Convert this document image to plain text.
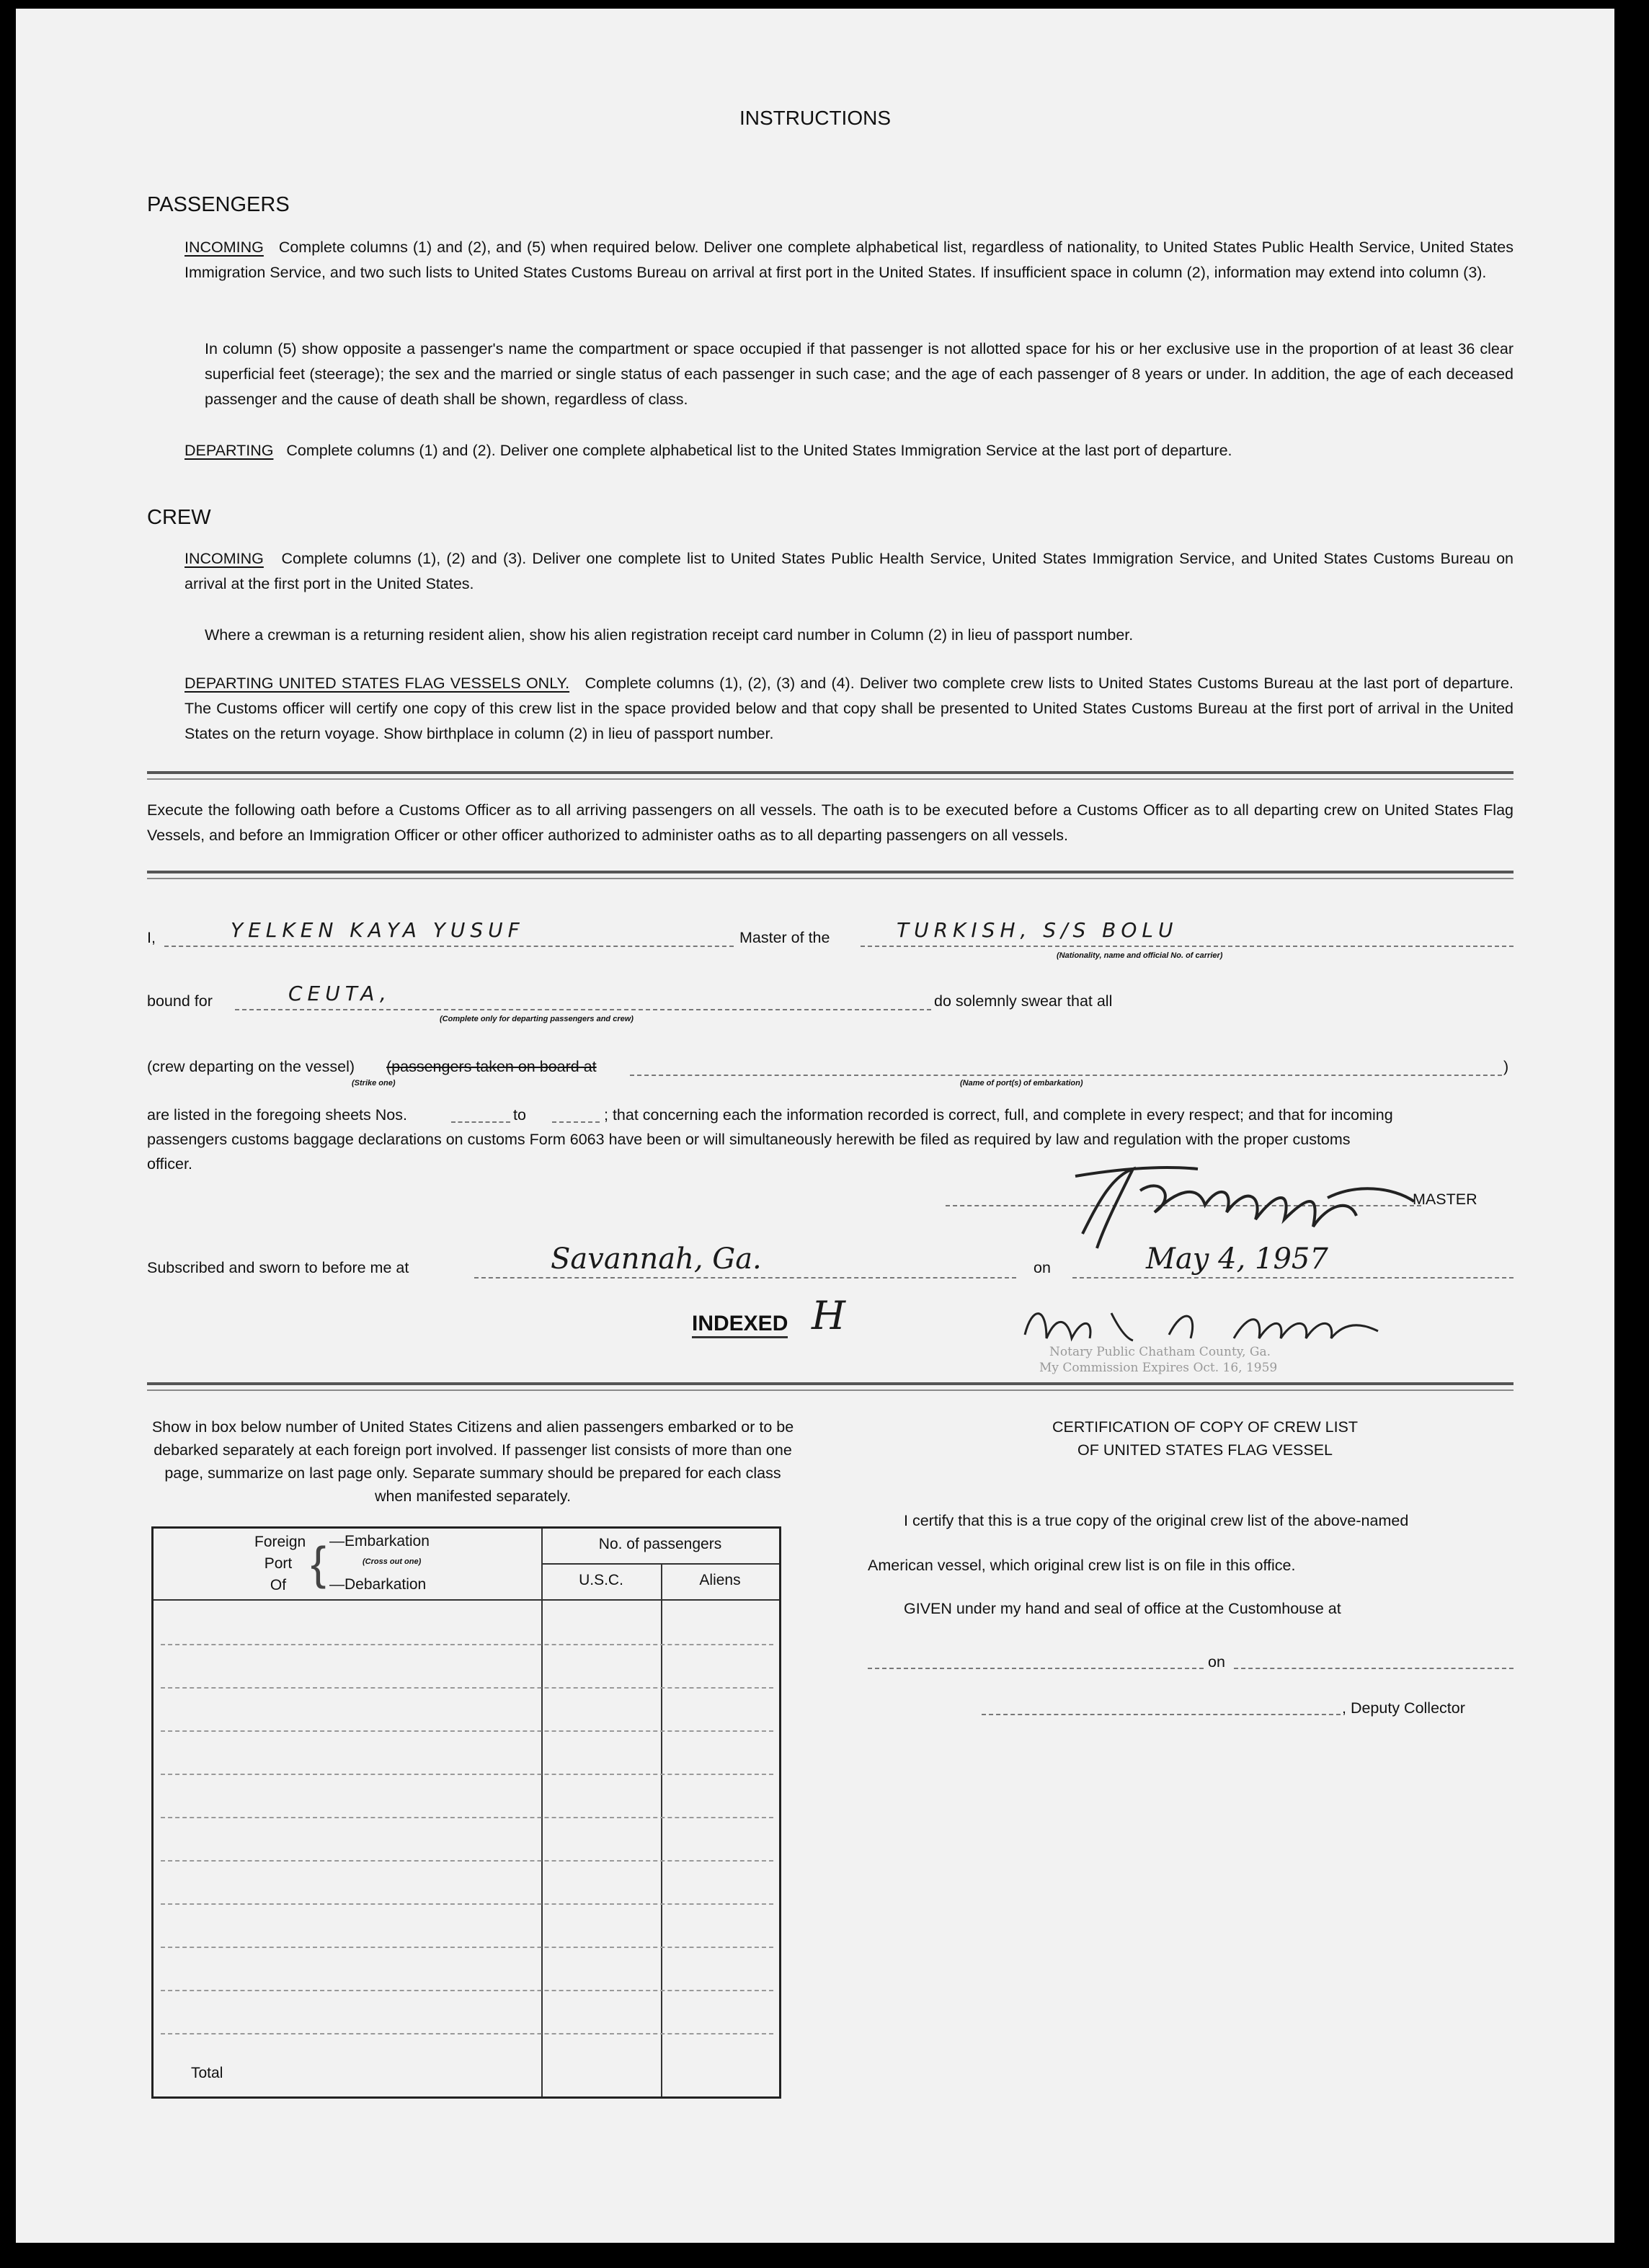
INSTRUCTIONS
PASSENGERS
INCOMING Complete columns (1) and (2), and (5) when required below. Deliver one complete alphabetical list, regardless of nationality, to United States Public Health Service, United States Immigration Service, and two such lists to United States Customs Bureau on arrival at first port in the United States. If insufficient space in column (2), information may extend into column (3).
In column (5) show opposite a passenger's name the compartment or space occupied if that passenger is not allotted space for his or her exclusive use in the proportion of at least 36 clear superficial feet (steerage); the sex and the married or single status of each passenger in such case; and the age of each passenger of 8 years or under. In addition, the age of each deceased passenger and the cause of death shall be shown, regardless of class.
DEPARTING Complete columns (1) and (2). Deliver one complete alphabetical list to the United States Immigration Service at the last port of departure.
CREW
INCOMING Complete columns (1), (2) and (3). Deliver one complete list to United States Public Health Service, United States Immigration Service, and United States Customs Bureau on arrival at the first port in the United States.
Where a crewman is a returning resident alien, show his alien registration receipt card number in Column (2) in lieu of passport number.
DEPARTING UNITED STATES FLAG VESSELS ONLY. Complete columns (1), (2), (3) and (4). Deliver two complete crew lists to United States Customs Bureau at the last port of departure. The Customs officer will certify one copy of this crew list in the space provided below and that copy shall be presented to United States Customs Bureau at the first port of arrival in the United States on the return voyage. Show birthplace in column (2) in lieu of passport number.
Execute the following oath before a Customs Officer as to all arriving passengers on all vessels. The oath is to be executed before a Customs Officer as to all departing crew on United States Flag Vessels, and before an Immigration Officer or other officer authorized to administer oaths as to all departing passengers on all vessels.
I,	YELKEN KAYA YUSUF	Master of the	TURKISH, S/S BOLU
(Nationality, name and official No. of carrier)
bound for	CEUTA,
(Complete only for departing passengers and crew)
do solemnly swear that all
(crew departing on the vessel) (passengers taken on board at	)
(Strike one)	(Name of port(s) of embarkation)
are listed in the foregoing sheets Nos.	to	; that concerning each the information recorded is correct, full, and complete in every respect; and that for incoming
passengers customs baggage declarations on customs Form 6063 have been or will simultaneously herewith be filed as required by law and regulation with the proper customs
officer.
MASTER
Subscribed and sworn to before me at	Savannah, Ga.	on	May 4, 1957
INDEXED H
Notary Public Chatham County, Ga.
My Commission Expires Oct. 16, 1959
Show in box below number of United States Citizens and alien passengers embarked or to be debarked separately at each foreign port involved. If passenger list consists of more than one page, summarize on last page only. Separate summary should be prepared for each class when manifested separately.
Foreign
Port
Of { —Embarkation
(Cross out one)
—Debarkation
No. of passengers
U.S.C.	Aliens
Total
CERTIFICATION OF COPY OF CREW LIST
OF UNITED STATES FLAG VESSEL
I certify that this is a true copy of the original crew list of the above-named
American vessel, which original crew list is on file in this office.
GIVEN under my hand and seal of office at the Customhouse at
on
, Deputy Collector
